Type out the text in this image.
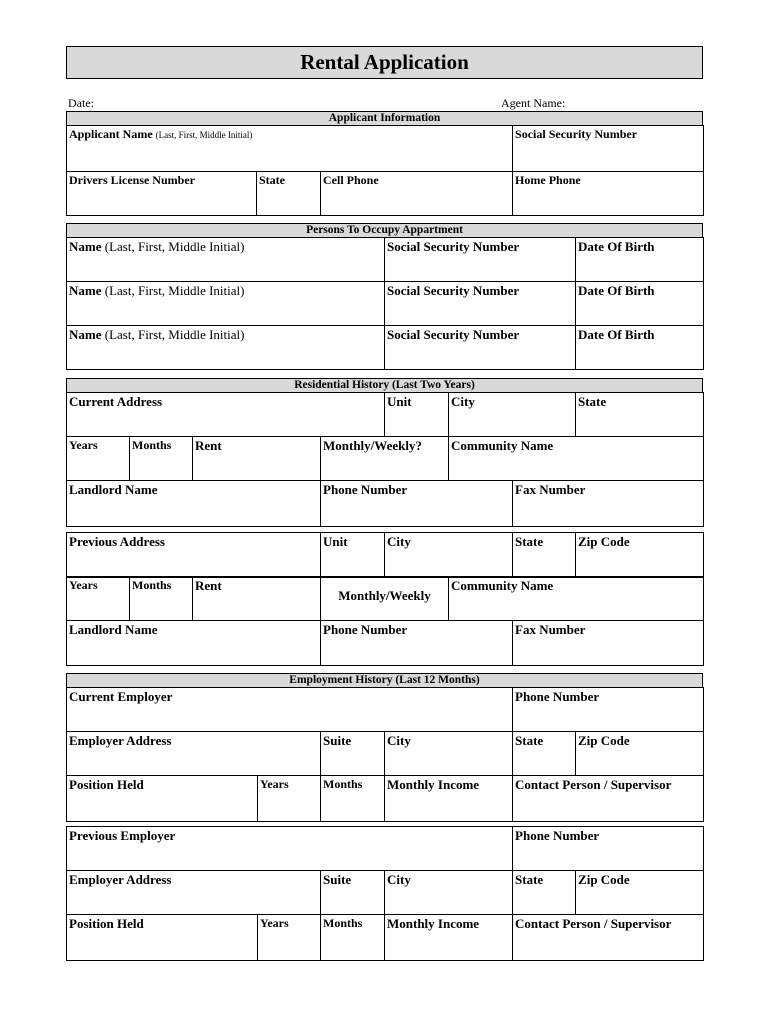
Rental Application
Date:	Agent Name:
Applicant Information
Applicant Name (Last, First, Middle Initial)			Social Security Number	
Drivers License Number	State	Cell Phone	Home Phone	
Persons To Occupy Appartment
Name (Last, First, Middle Initial)	Social Security Number	Date Of Birth
Name (Last, First, Middle Initial)	Social Security Number	Date Of Birth
Name (Last, First, Middle Initial)	Social Security Number	Date Of Birth
Residential History (Last Two Years)
Current Address	Unit	City	State	
Years	Months	Rent	Monthly/Weekly?	Community Name
Landlord Name	Phone Number	Fax Number
Previous Address	Unit	City	State	Zip Code
Years	Months	Rent	Monthly/Weekly	Community Name
Landlord Name	Phone Number	Fax Number
Employment History (Last 12 Months)
Current Employer				Phone Number	
Employer Address		Suite	City	State	Zip Code
Position Held	Years	Months	Monthly Income	Contact Person / Supervisor	
Previous Employer				Phone Number	
Employer Address		Suite	City	State	Zip Code
Position Held	Years	Months	Monthly Income	Contact Person / Supervisor	
